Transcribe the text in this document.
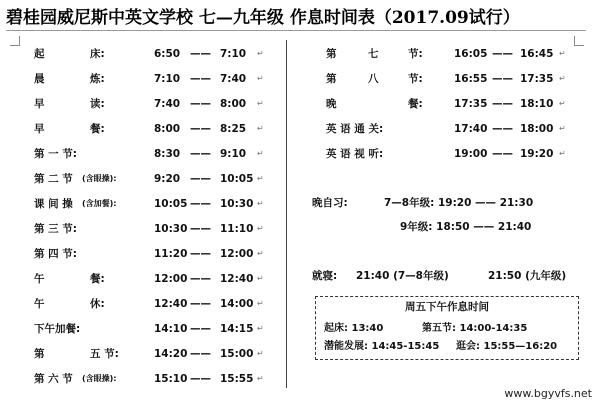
碧桂园威尼斯中英文学校 七—九年级 作息时间表（2017.09试行）
起	床:	6:50 —— 7:10 ↵
晨	炼:	7:10 —— 7:40 ↵
早	读:	7:40 —— 8:00 ↵
早	餐:	8:00 —— 8:25 ↵
第 一 节:	8:30 —— 9:10 ↵
第 二 节 (含眼操):	9:20 —— 10:05 ↵
课 间 操 (含加餐):	10:05 —— 10:30 ↵
第 三 节:	10:30 —— 11:10 ↵
第 四 节:	11:20 —— 12:00 ↵
午	餐:	12:00 —— 12:40 ↵
午	休:	12:40 —— 14:00 ↵
下午加餐:	14:10 —— 14:15 ↵
第	五 节:	14:20 —— 15:00 ↵
第 六 节 (含眼操):	15:10 —— 15:55 ↵
第	七	节:	16:05 —— 16:45 ↵
第	八	节:	16:55 —— 17:35 ↵
晚	餐:	17:35 —— 18:10 ↵
英 语 通 关:	17:40 —— 18:00 ↵
英 语 视 听:	19:00 —— 19:20 ↵
晚自习:	7—8年级: 19:20 —— 21:30
9年级: 18:50 —— 21:40
就寝: 21:40 (7—8年级)	21:50 (九年级)
周五下午作息时间
起床: 13:40	第五节: 14:00-14:35
潜能发展: 14:45-15:45 逛会: 15:55—16:20
www.bgyvfs.net
